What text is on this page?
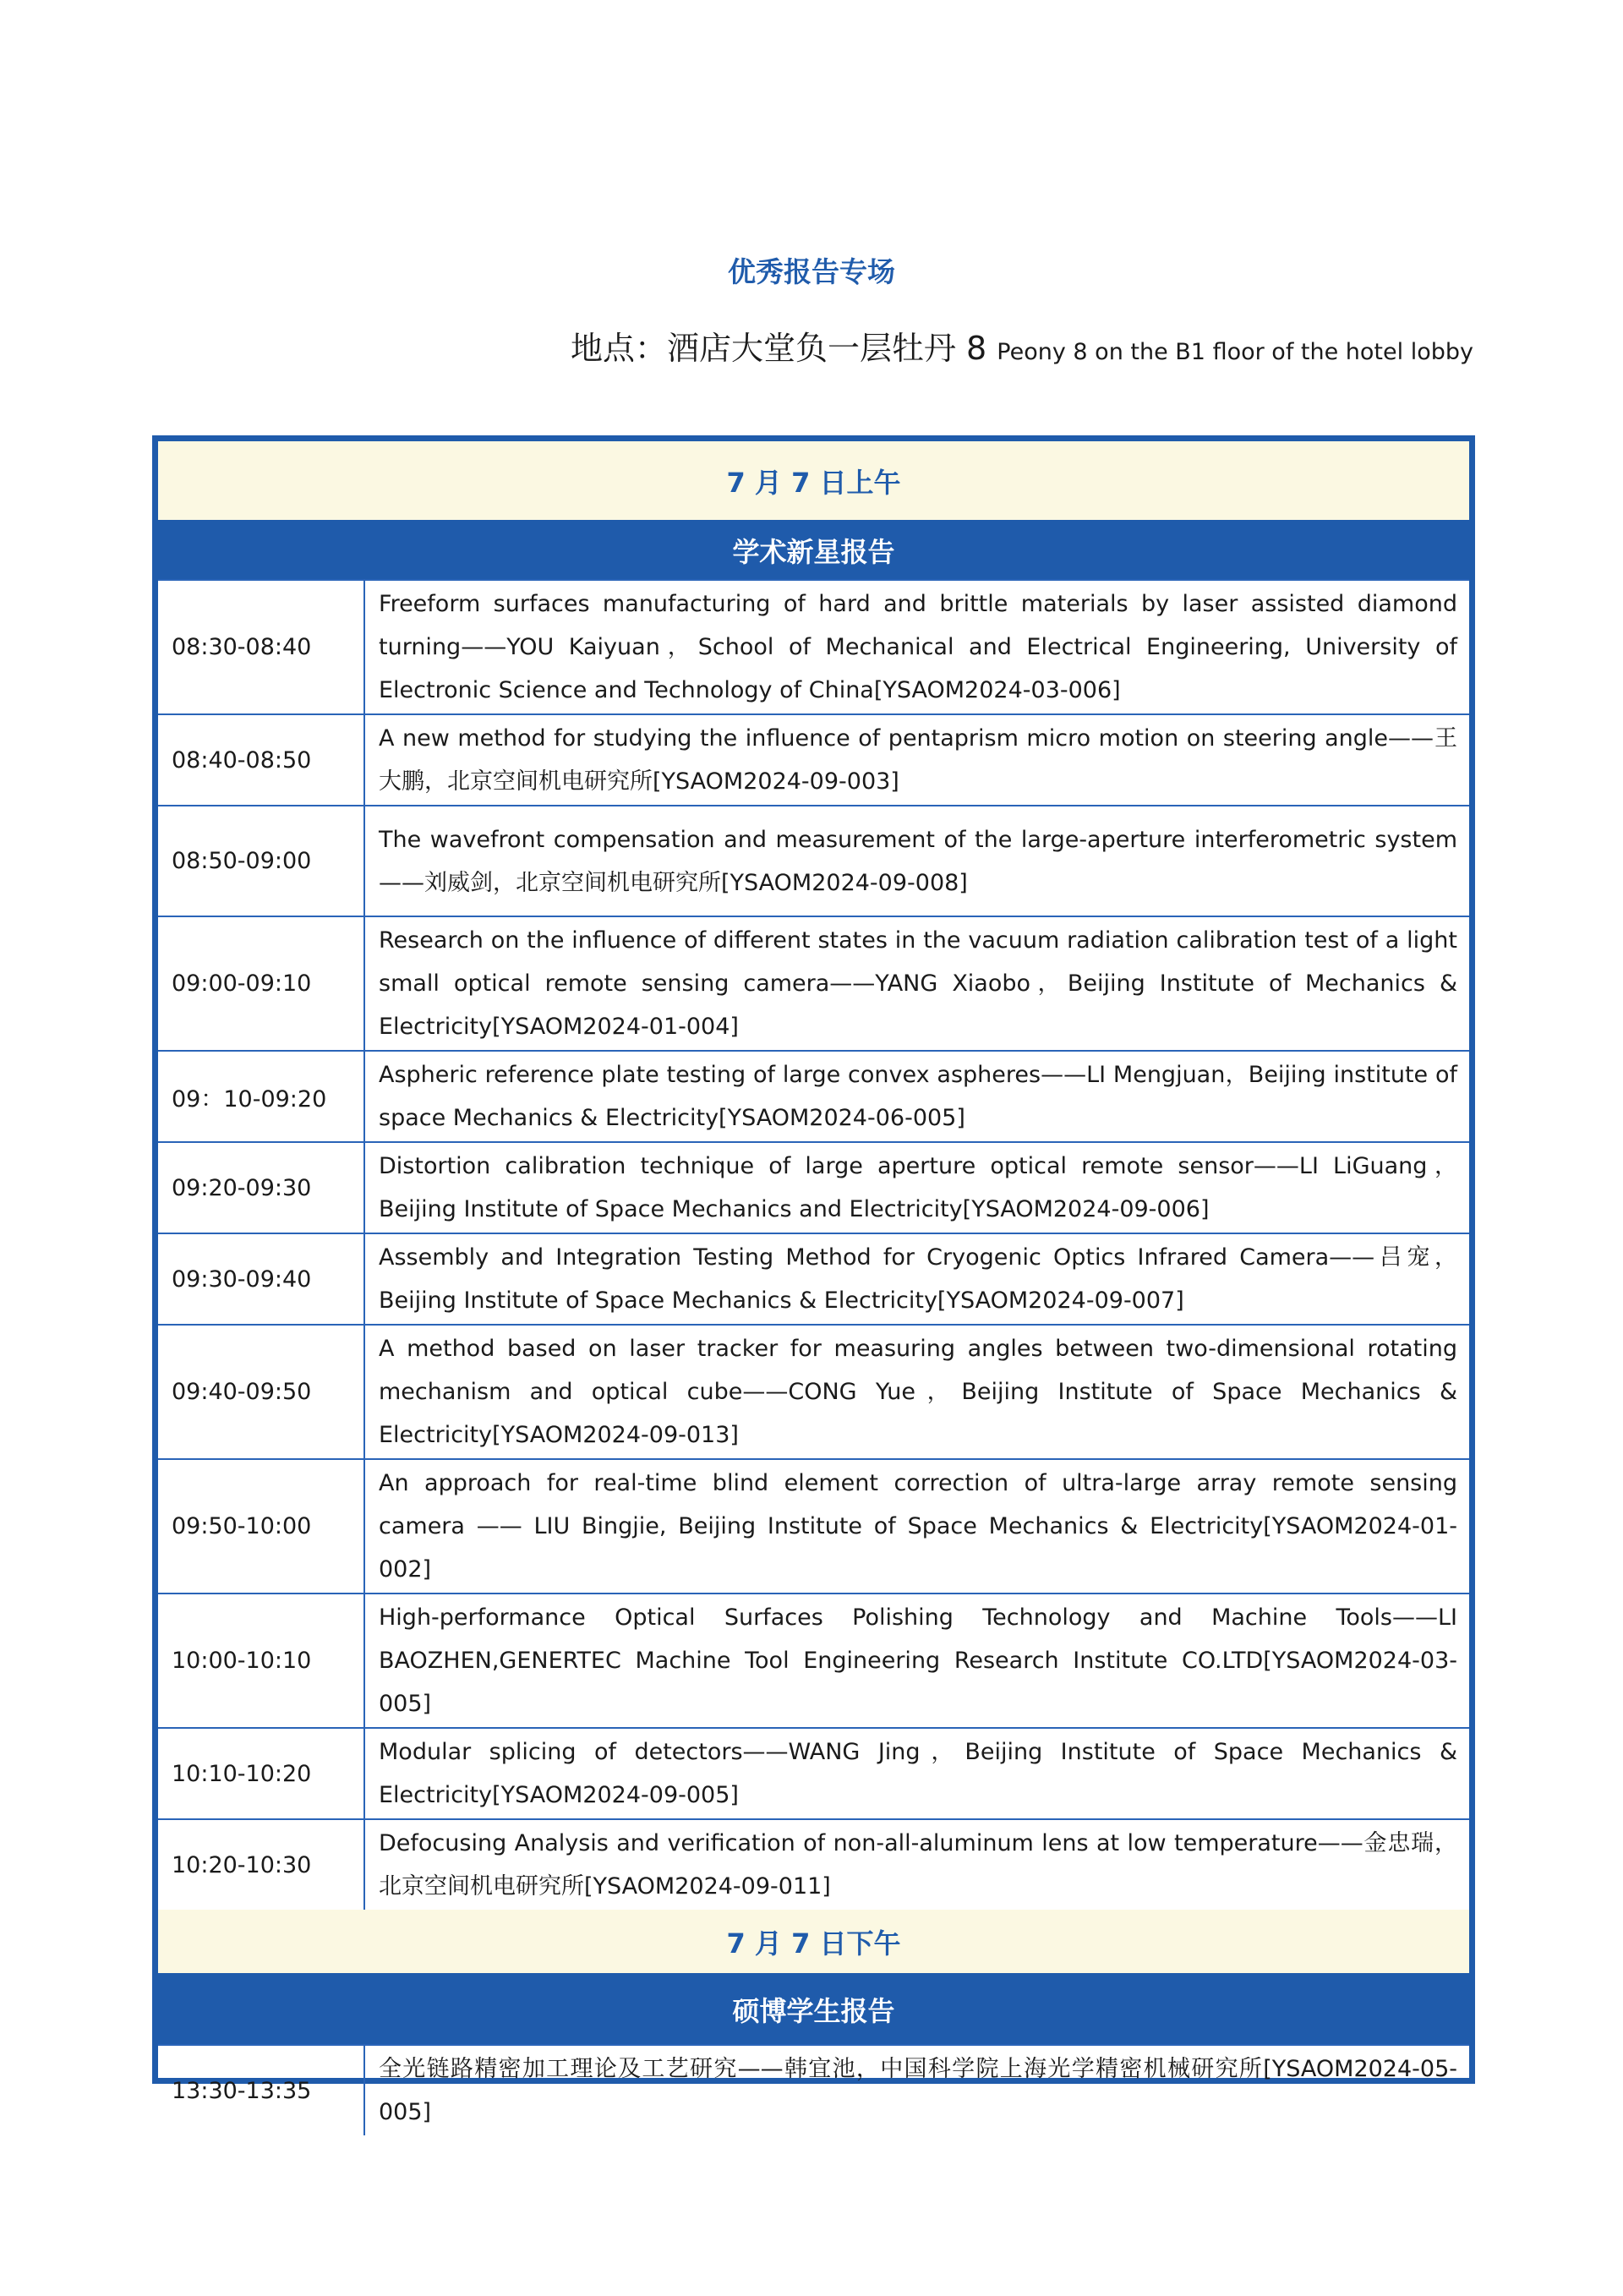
优秀报告专场
地点：酒店大堂负一层牡丹 8 Peony 8 on the B1 floor of the hotel lobby
7 月 7 日上午	
学术新星报告	
08:30-08:40	Freeform surfaces manufacturing of hard and brittle materials by laser assisted diamond turning——YOU Kaiyuan，School of Mechanical and Electrical Engineering, University of Electronic Science and Technology of China[YSAOM2024-03-006]
08:40-08:50	A new method for studying the influence of pentaprism micro motion on steering angle——王大鹏，北京空间机电研究所[YSAOM2024-09-003]
08:50-09:00	The wavefront compensation and measurement of the large-aperture interferometric system——刘威剑，北京空间机电研究所[YSAOM2024-09-008]
09:00-09:10	Research on the influence of different states in the vacuum radiation calibration test of a light small optical remote sensing camera——YANG Xiaobo，Beijing Institute of Mechanics & Electricity[YSAOM2024-01-004]
09：10-09:20	Aspheric reference plate testing of large convex aspheres——LI Mengjuan，Beijing institute of space Mechanics & Electricity[YSAOM2024-06-005]
09:20-09:30	Distortion calibration technique of large aperture optical remote sensor——LI LiGuang，Beijing Institute of Space Mechanics and Electricity[YSAOM2024-09-006]
09:30-09:40	Assembly and Integration Testing Method for Cryogenic Optics Infrared Camera——吕宠，Beijing Institute of Space Mechanics & Electricity[YSAOM2024-09-007]
09:40-09:50	A method based on laser tracker for measuring angles between two-dimensional rotating mechanism and optical cube——CONG Yue，Beijing Institute of Space Mechanics & Electricity[YSAOM2024-09-013]
09:50-10:00	An approach for real-time blind element correction of ultra-large array remote sensing camera —— LIU Bingjie, Beijing Institute of Space Mechanics & Electricity[YSAOM2024-01-002]
10:00-10:10	High-performance Optical Surfaces Polishing Technology and Machine Tools——LI BAOZHEN,GENERTEC Machine Tool Engineering Research Institute CO.LTD[YSAOM2024-03-005]
10:10-10:20	Modular splicing of detectors——WANG Jing，Beijing Institute of Space Mechanics & Electricity[YSAOM2024-09-005]
10:20-10:30	Defocusing Analysis and verification of non-all-aluminum lens at low temperature——金忠瑞，北京空间机电研究所[YSAOM2024-09-011]
7 月 7 日下午	
硕博学生报告	
13:30-13:35	全光链路精密加工理论及工艺研究——韩宜池，中国科学院上海光学精密机械研究所[YSAOM2024-05-005]
